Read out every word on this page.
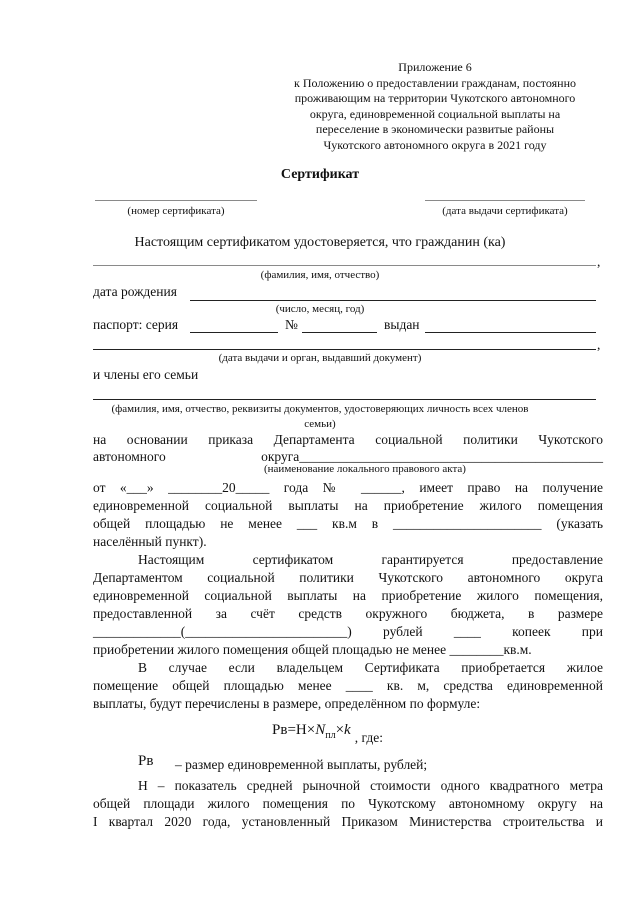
Приложение 6
к Положению о предоставлении гражданам, постоянно
проживающим на территории Чукотского автономного
округа, единовременной социальной выплаты на
переселение в экономически развитые районы
Чукотского автономного округа в 2021 году
Сертификат
(номер сертификата)	(дата выдачи сертификата)
Настоящим сертификатом удостоверяется, что гражданин (ка)
,
(фамилия, имя, отчество)
дата рождения
(число, месяц, год)
паспорт: серия	№	выдан
,
(дата выдачи и орган, выдавший документ)
и члены его семьи
(фамилия, имя, отчество, реквизиты документов, удостоверяющих личность всех членов
семьи)
на основании приказа Департамента социальной политики Чукотского
автономного округа_____________________________________________
(наименование локального правового акта)
от «___» ________20_____ года № ______, имеет право на получение
единовременной социальной выплаты на приобретение жилого помещения
общей площадью не менее ___ кв.м в ______________________ (указать
населённый пункт).
Настоящим сертификатом гарантируется предоставление
Департаментом социальной политики Чукотского автономного округа
единовременной социальной выплаты на приобретение жилого помещения,
предоставленной за счёт средств окружного бюджета, в размере
_____________(________________________) рублей ____ копеек при
приобретении жилого помещения общей площадью не менее ________кв.м.
В случае если владельцем Сертификата приобретается жилое
помещение общей площадью менее ____ кв. м, средства единовременной
выплаты, будут перечислены в размере, определённом по формуле:
$Рв=Н\times N_{пл}\times k$ , где:
Рв – размер единовременной выплаты, рублей;
Н – показатель средней рыночной стоимости одного квадратного метра
общей площади жилого помещения по Чукотскому автономному округу на
I квартал 2020 года, установленный Приказом Министерства строительства и
